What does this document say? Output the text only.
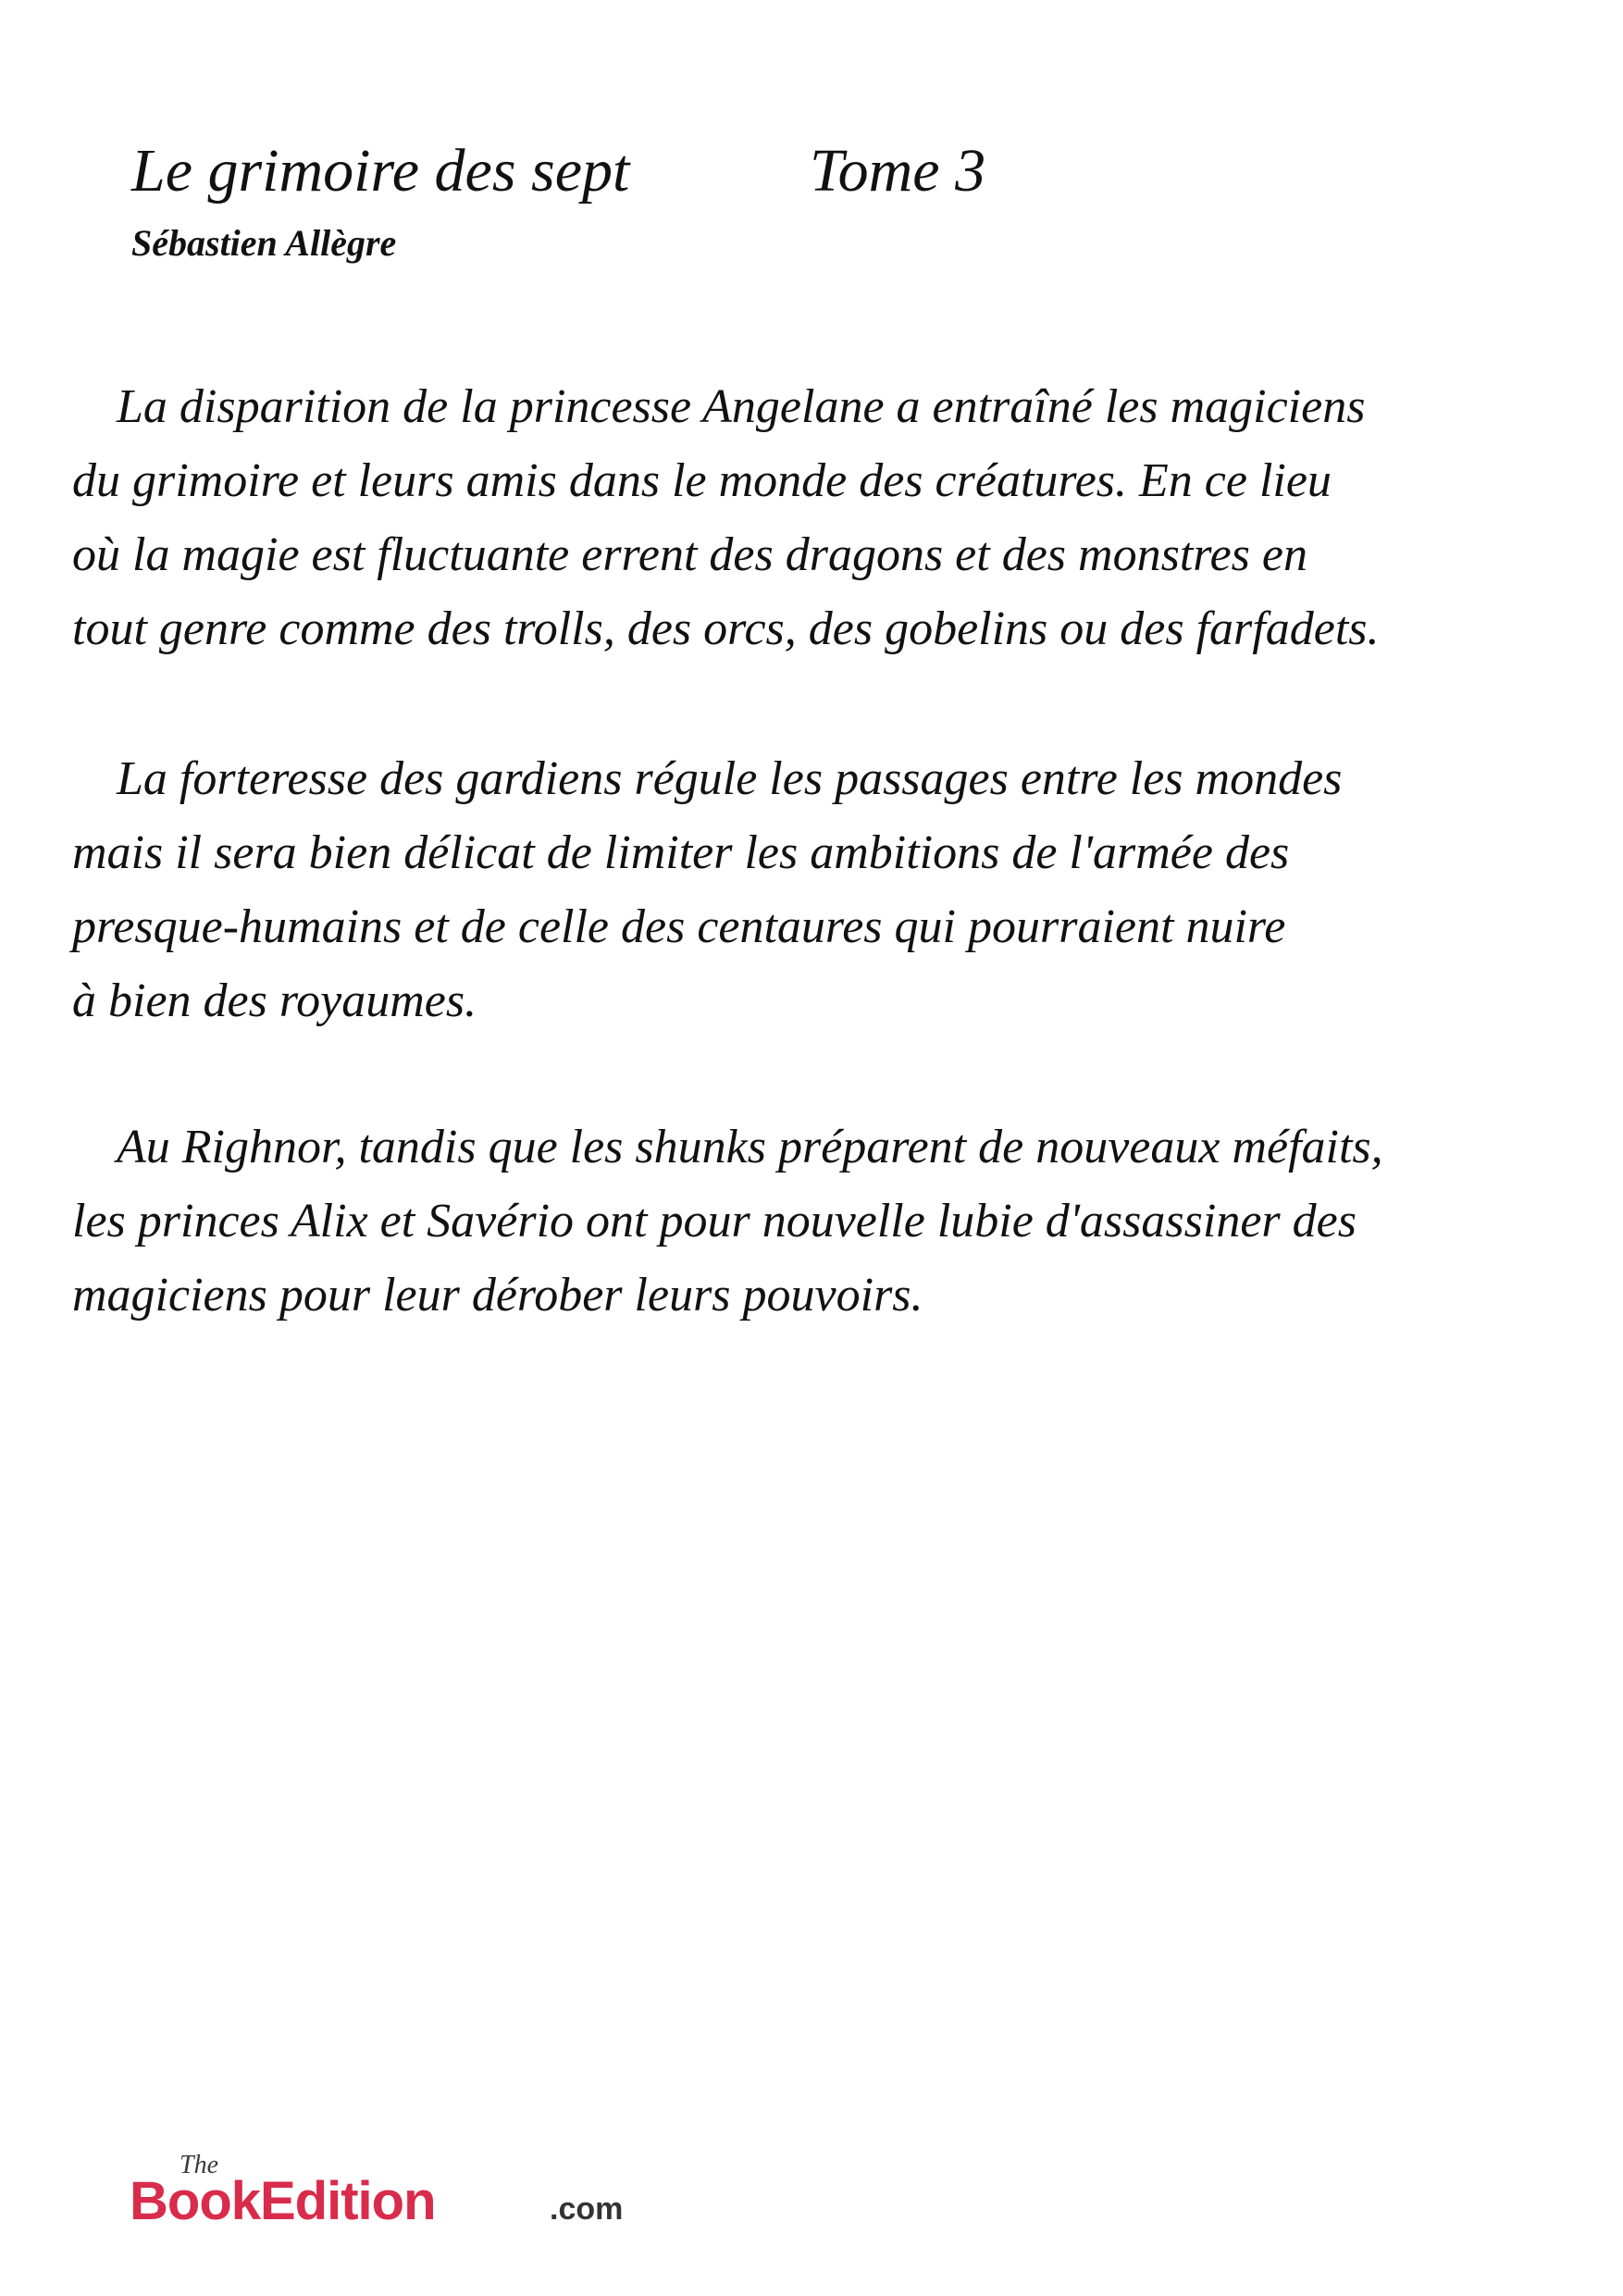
Le grimoire des sept	Tome 3
Sébastien Allègre
La disparition de la princesse Angelane a entraîné les magiciens
du grimoire et leurs amis dans le monde des créatures. En ce lieu
où la magie est fluctuante errent des dragons et des monstres en
tout genre comme des trolls, des orcs, des gobelins ou des farfadets.
La forteresse des gardiens régule les passages entre les mondes
mais il sera bien délicat de limiter les ambitions de l'armée des
presque-humains et de celle des centaures qui pourraient nuire
à bien des royaumes.
Au Righnor, tandis que les shunks préparent de nouveaux méfaits,
les princes Alix et Savério ont pour nouvelle lubie d'assassiner des
magiciens pour leur dérober leurs pouvoirs.
The
BookEdition	.com
